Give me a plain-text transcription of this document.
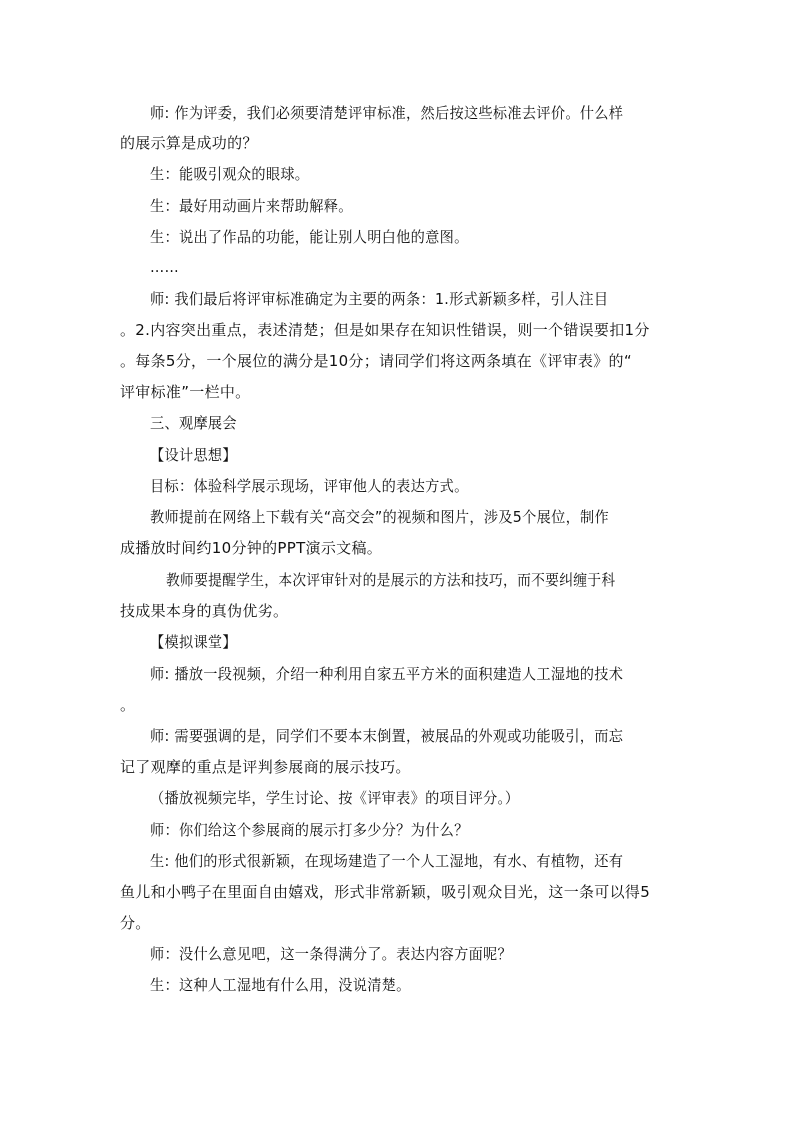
师: 作为评委，我们必须要清楚评审标准，然后按这些标准去评价。什么样
的展示算是成功的？
生：能吸引观众的眼球。
生：最好用动画片来帮助解释。
生：说出了作品的功能，能让别人明白他的意图。
……
师: 我们最后将评审标准确定为主要的两条：1.形式新颖多样，引人注目
。2.内容突出重点，表述清楚；但是如果存在知识性错误，则一个错误要扣1分
。每条5分，一个展位的满分是10分；请同学们将这两条填在《评审表》的“
评审标准”一栏中。
三、观摩展会
【设计思想】
目标：体验科学展示现场，评审他人的表达方式。
教师提前在网络上下载有关“高交会”的视频和图片，涉及5个展位，制作
成播放时间约10分钟的PPT演示文稿。
教师要提醒学生，本次评审针对的是展示的方法和技巧，而不要纠缠于科
技成果本身的真伪优劣。
【模拟课堂】
师: 播放一段视频，介绍一种利用自家五平方米的面积建造人工湿地的技术
。
师: 需要强调的是，同学们不要本末倒置，被展品的外观或功能吸引，而忘
记了观摩的重点是评判参展商的展示技巧。
（播放视频完毕，学生讨论、按《评审表》的项目评分。）
师：你们给这个参展商的展示打多少分？为什么？
生: 他们的形式很新颖，在现场建造了一个人工湿地，有水、有植物，还有
鱼儿和小鸭子在里面自由嬉戏，形式非常新颖，吸引观众目光，这一条可以得5
分。
师：没什么意见吧，这一条得满分了。表达内容方面呢？
生：这种人工湿地有什么用，没说清楚。
